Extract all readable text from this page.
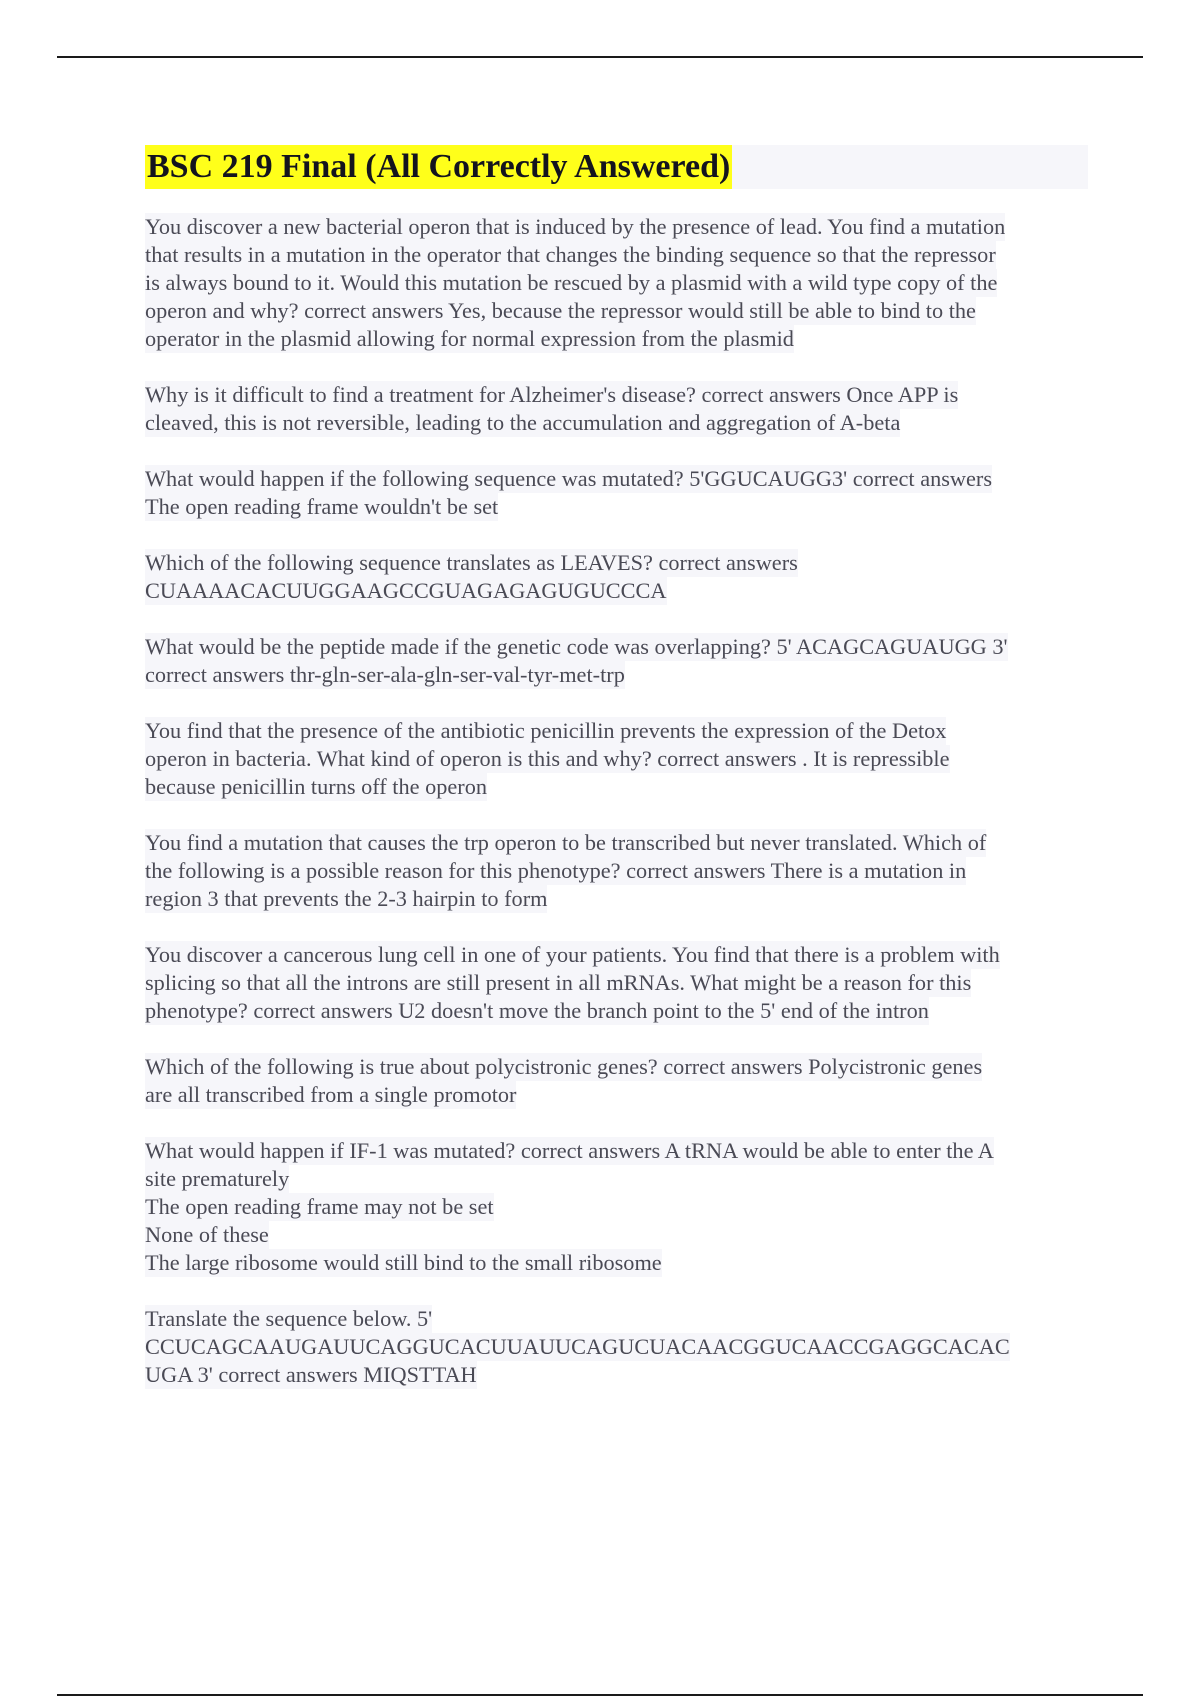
BSC 219 Final (All Correctly Answered)
You discover a new bacterial operon that is induced by the presence of lead. You find a mutation
that results in a mutation in the operator that changes the binding sequence so that the repressor
is always bound to it. Would this mutation be rescued by a plasmid with a wild type copy of the
operon and why? correct answers Yes, because the repressor would still be able to bind to the
operator in the plasmid allowing for normal expression from the plasmid
Why is it difficult to find a treatment for Alzheimer's disease? correct answers Once APP is
cleaved, this is not reversible, leading to the accumulation and aggregation of A-beta
What would happen if the following sequence was mutated? 5'GGUCAUGG3' correct answers
The open reading frame wouldn't be set
Which of the following sequence translates as LEAVES? correct answers
CUAAAACACUUGGAAGCCGUAGAGAGUGUCCCA
What would be the peptide made if the genetic code was overlapping? 5' ACAGCAGUAUGG 3'
correct answers thr-gln-ser-ala-gln-ser-val-tyr-met-trp
You find that the presence of the antibiotic penicillin prevents the expression of the Detox
operon in bacteria. What kind of operon is this and why? correct answers . It is repressible
because penicillin turns off the operon
You find a mutation that causes the trp operon to be transcribed but never translated. Which of
the following is a possible reason for this phenotype? correct answers There is a mutation in
region 3 that prevents the 2-3 hairpin to form
You discover a cancerous lung cell in one of your patients. You find that there is a problem with
splicing so that all the introns are still present in all mRNAs. What might be a reason for this
phenotype? correct answers U2 doesn't move the branch point to the 5' end of the intron
Which of the following is true about polycistronic genes? correct answers Polycistronic genes
are all transcribed from a single promotor
What would happen if IF-1 was mutated? correct answers A tRNA would be able to enter the A
site prematurely
The open reading frame may not be set
None of these
The large ribosome would still bind to the small ribosome
Translate the sequence below. 5'
CCUCAGCAAUGAUUCAGGUCACUUAUUCAGUCUACAACGGUCAACCGAGGCACAC
UGA 3' correct answers MIQSTTAH
